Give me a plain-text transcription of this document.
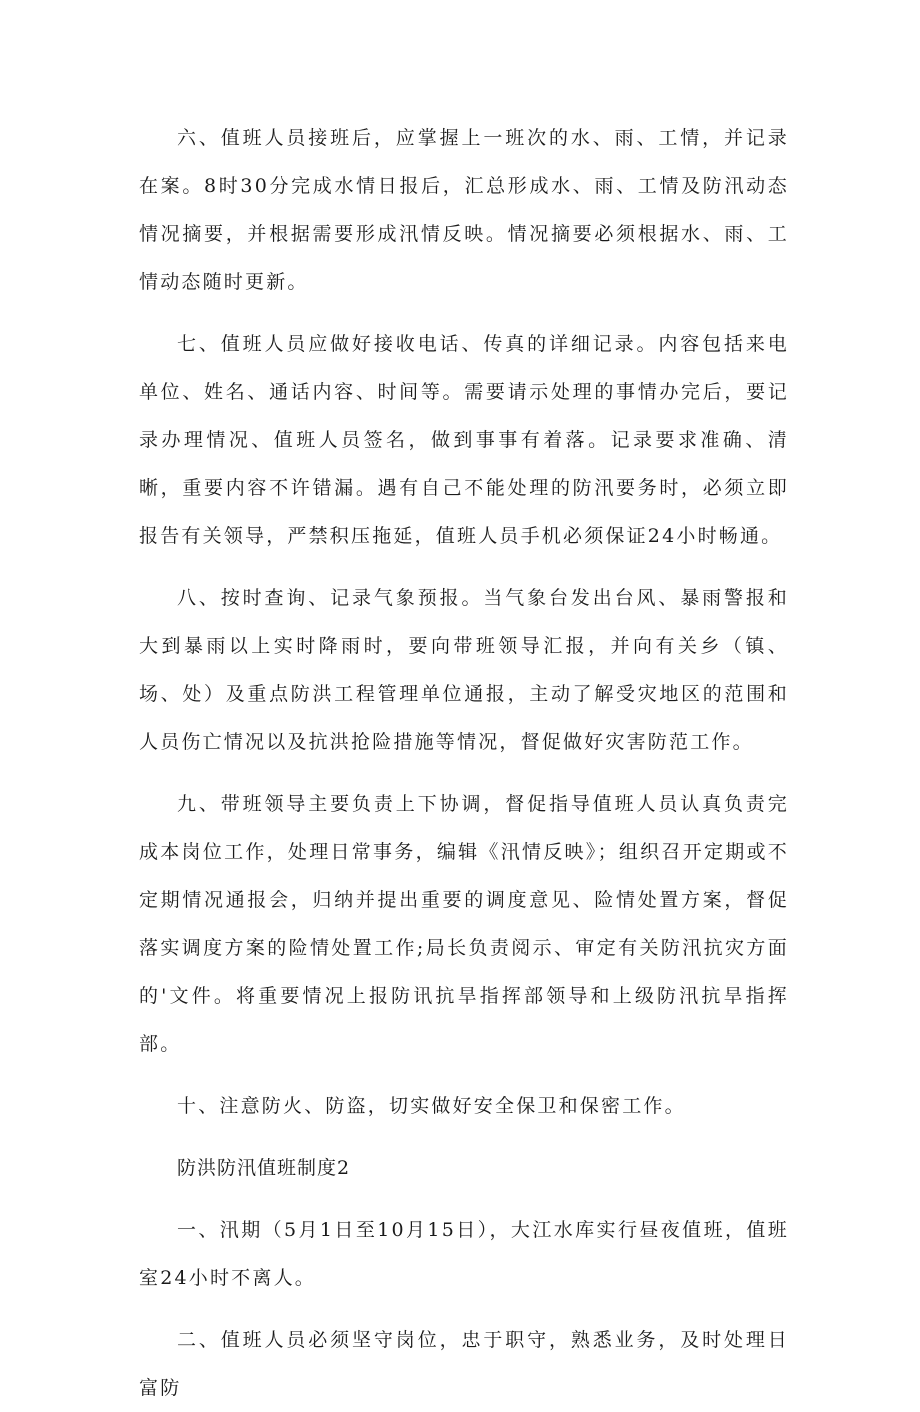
六、值班人员接班后，应掌握上一班次的水、雨、工情，并记录在案。8时30分完成水情日报后，汇总形成水、雨、工情及防汛动态情况摘要，并根据需要形成汛情反映。情况摘要必须根据水、雨、工情动态随时更新。

七、值班人员应做好接收电话、传真的详细记录。内容包括来电单位、姓名、通话内容、时间等。需要请示处理的事情办完后，要记录办理情况、值班人员签名，做到事事有着落。记录要求准确、清晰，重要内容不许错漏。遇有自己不能处理的防汛要务时，必须立即报告有关领导，严禁积压拖延，值班人员手机必须保证24小时畅通。

八、按时查询、记录气象预报。当气象台发出台风、暴雨警报和大到暴雨以上实时降雨时，要向带班领导汇报，并向有关乡（镇、场、处）及重点防洪工程管理单位通报，主动了解受灾地区的范围和人员伤亡情况以及抗洪抢险措施等情况，督促做好灾害防范工作。

九、带班领导主要负责上下协调，督促指导值班人员认真负责完成本岗位工作，处理日常事务，编辑《汛情反映》；组织召开定期或不定期情况通报会，归纳并提出重要的调度意见、险情处置方案，督促落实调度方案的险情处置工作;局长负责阅示、审定有关防汛抗灾方面的'文件。将重要情况上报防讯抗旱指挥部领导和上级防汛抗旱指挥部。

十、注意防火、防盗，切实做好安全保卫和保密工作。

防洪防汛值班制度2

一、汛期（5月1日至10月15日），大江水库实行昼夜值班，值班室24小时不离人。

二、值班人员必须坚守岗位，忠于职守，熟悉业务，及时处理日富防
